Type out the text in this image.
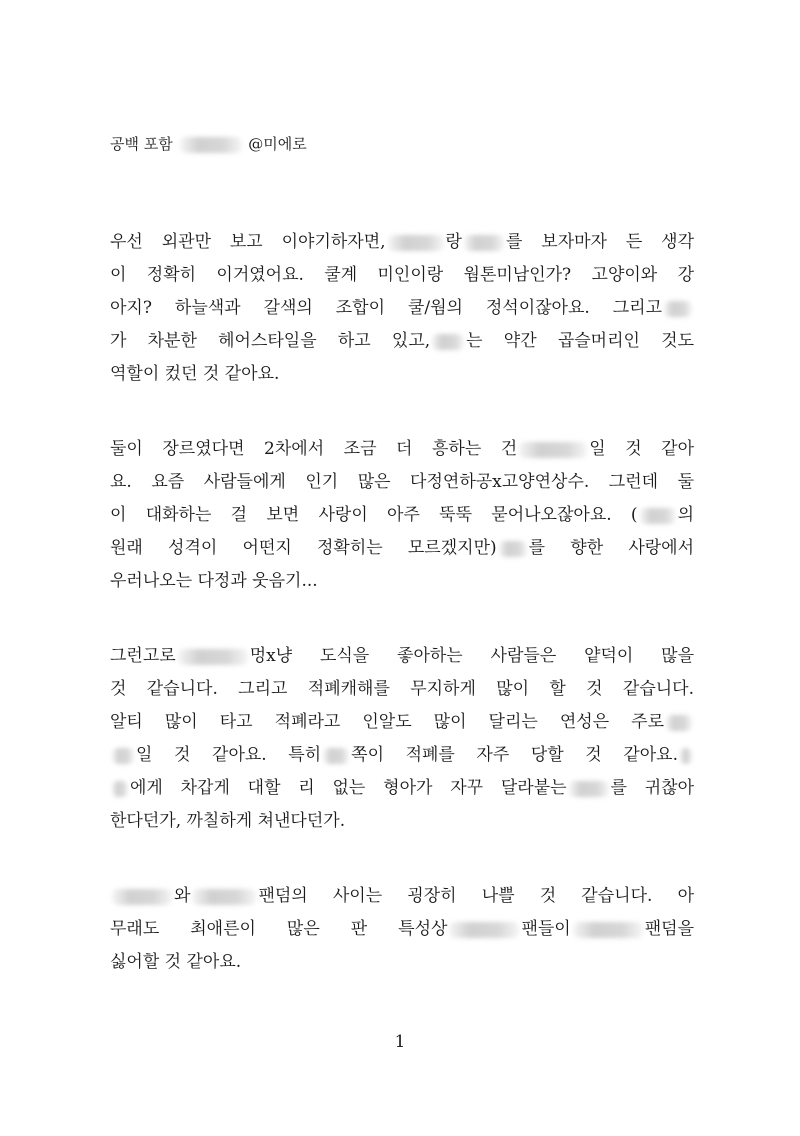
공백 포함	@미에로
우선 외관만 보고 이야기하자면,	랑	를 보자마자 든 생각
이 정확히 이거였어요. 쿨계 미인이랑 웜톤미남인가? 고양이와 강
아지? 하늘색과 갈색의 조합이 쿨/웜의 정석이잖아요. 그리고
가 차분한 헤어스타일을 하고 있고, 는 약간 곱슬머리인 것도
역할이 컸던 것 같아요.
둘이 장르였다면 2차에서 조금 더 흥하는 건	일 것 같아
요. 요즘 사람들에게 인기 많은 다정연하공x고양연상수. 그런데 둘
이 대화하는 걸 보면 사랑이 아주 뚝뚝 묻어나오잖아요. ( 의
원래 성격이 어떤지 정확히는 모르겠지만) 를 향한 사랑에서
우러나오는 다정과 웃음기...
그런고로	멍x냥 도식을 좋아하는 사람들은 얕덕이 많을
것 같습니다. 그리고 적폐캐해를 무지하게 많이 할 것 같습니다.
알티 많이 타고 적폐라고 인알도 많이 달리는 연성은 주로
일 것 같아요. 특히 쪽이 적폐를 자주 당할 것 같아요.
에게 차갑게 대할 리 없는 형아가 자꾸 달라붙는	를 귀찮아
한다던가, 까칠하게 쳐낸다던가.
와	팬덤의 사이는 굉장히 나쁠 것 같습니다. 아
무래도 최애른이 많은 판 특성상	팬들이	팬덤을
싫어할 것 같아요.
1
